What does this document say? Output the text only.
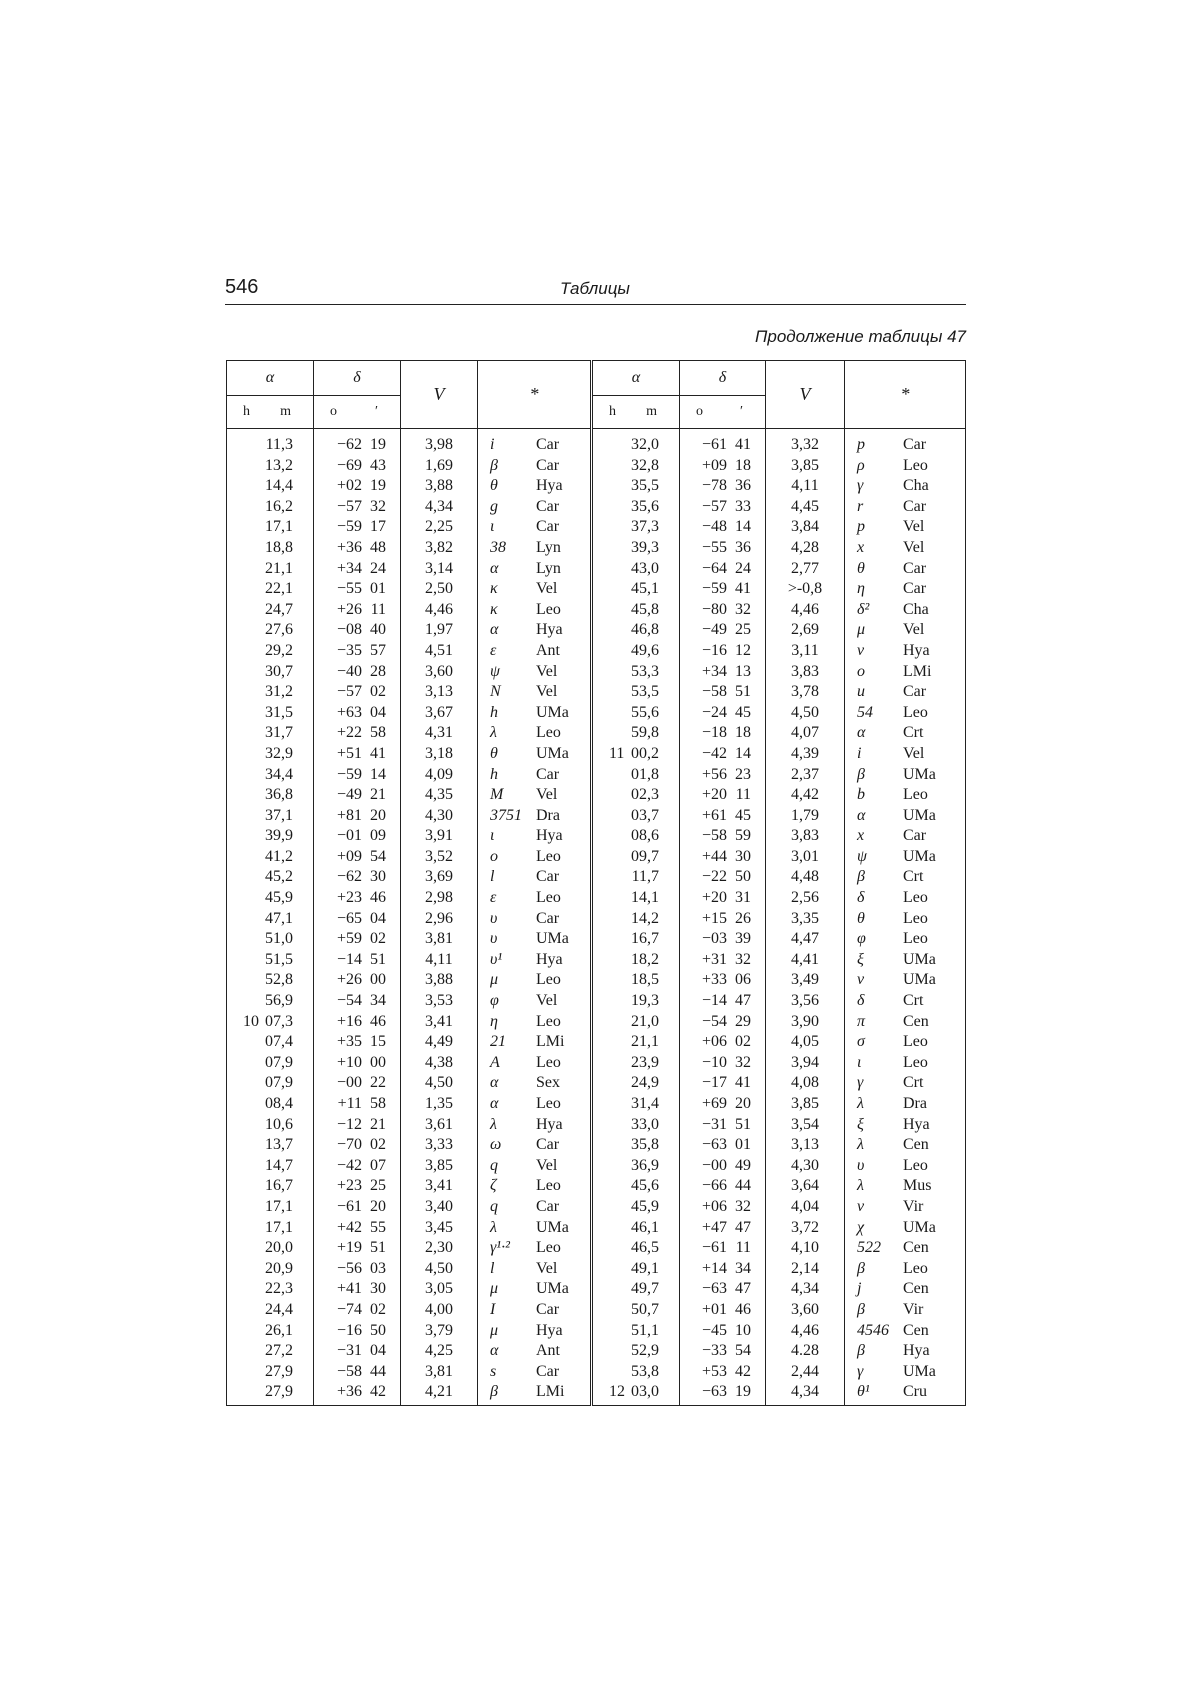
546	Таблицы
Продолжение таблицы 47
α	δ	V	*	α	δ	V	*

h m	o ′			h m	o ′		

11,3	−62 19	3,98	i Car	32,0	−61 41	3,32	p Car

13,2	−69 43	1,69	β Car	32,8	+09 18	3,85	ρ Leo

14,4	+02 19	3,88	θ Hya	35,5	−78 36	4,11	γ Cha

16,2	−57 32	4,34	g Car	35,6	−57 33	4,45	r Car

17,1	−59 17	2,25	ι Car	37,3	−48 14	3,84	p Vel

18,8	+36 48	3,82	38 Lyn	39,3	−55 36	4,28	x Vel

21,1	+34 24	3,14	α Lyn	43,0	−64 24	2,77	θ Car

22,1	−55 01	2,50	κ Vel	45,1	−59 41	>-0,8	η Car

24,7	+26 11	4,46	κ Leo	45,8	−80 32	4,46	δ² Cha

27,6	−08 40	1,97	α Hya	46,8	−49 25	2,69	μ Vel

29,2	−35 57	4,51	ε Ant	49,6	−16 12	3,11	ν Hya

30,7	−40 28	3,60	ψ Vel	53,3	+34 13	3,83	o LMi

31,2	−57 02	3,13	N Vel	53,5	−58 51	3,78	u Car

31,5	+63 04	3,67	h UMa	55,6	−24 45	4,50	54 Leo

31,7	+22 58	4,31	λ Leo	59,8	−18 18	4,07	α Crt

32,9	+51 41	3,18	θ UMa	11 00,2	−42 14	4,39	i Vel

34,4	−59 14	4,09	h Car	01,8	+56 23	2,37	β UMa

36,8	−49 21	4,35	M Vel	02,3	+20 11	4,42	b Leo

37,1	+81 20	4,30	3751 Dra	03,7	+61 45	1,79	α UMa

39,9	−01 09	3,91	ι Hya	08,6	−58 59	3,83	x Car

41,2	+09 54	3,52	o Leo	09,7	+44 30	3,01	ψ UMa

45,2	−62 30	3,69	l Car	11,7	−22 50	4,48	β Crt

45,9	+23 46	2,98	ε Leo	14,1	+20 31	2,56	δ Leo

47,1	−65 04	2,96	υ Car	14,2	+15 26	3,35	θ Leo

51,0	+59 02	3,81	υ UMa	16,7	−03 39	4,47	φ Leo

51,5	−14 51	4,11	υ¹ Hya	18,2	+31 32	4,41	ξ UMa

52,8	+26 00	3,88	μ Leo	18,5	+33 06	3,49	ν UMa

56,9	−54 34	3,53	φ Vel	19,3	−14 47	3,56	δ Crt

10 07,3	+16 46	3,41	η Leo	21,0	−54 29	3,90	π Cen

07,4	+35 15	4,49	21 LMi	21,1	+06 02	4,05	σ Leo

07,9	+10 00	4,38	A Leo	23,9	−10 32	3,94	ι Leo

07,9	−00 22	4,50	α Sex	24,9	−17 41	4,08	γ Crt

08,4	+11 58	1,35	α Leo	31,4	+69 20	3,85	λ Dra

10,6	−12 21	3,61	λ Hya	33,0	−31 51	3,54	ξ Hya

13,7	−70 02	3,33	ω Car	35,8	−63 01	3,13	λ Cen

14,7	−42 07	3,85	q Vel	36,9	−00 49	4,30	υ Leo

16,7	+23 25	3,41	ζ Leo	45,6	−66 44	3,64	λ Mus

17,1	−61 20	3,40	q Car	45,9	+06 32	4,04	ν Vir

17,1	+42 55	3,45	λ UMa	46,1	+47 47	3,72	χ UMa

20,0	+19 51	2,30	γ¹·² Leo	46,5	−61 11	4,10	522 Cen

20,9	−56 03	4,50	l Vel	49,1	+14 34	2,14	β Leo

22,3	+41 30	3,05	μ UMa	49,7	−63 47	4,34	j Cen

24,4	−74 02	4,00	I Car	50,7	+01 46	3,60	β Vir

26,1	−16 50	3,79	μ Hya	51,1	−45 10	4,46	4546 Cen

27,2	−31 04	4,25	α Ant	52,9	−33 54	4.28	β Hya

27,9	−58 44	3,81	s Car	53,8	+53 42	2,44	γ UMa

27,9	+36 42	4,21	β LMi	12 03,0	−63 19	4,34	θ¹ Cru
